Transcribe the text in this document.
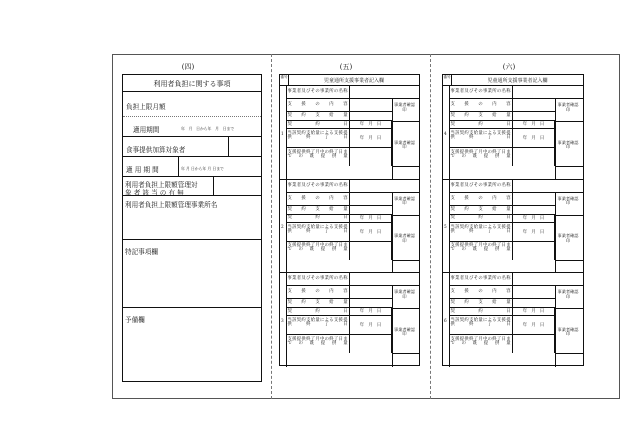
(四)
利用者負担に関する事項
負担上限月額
適用期間	年　月　日から年　月　日まで
食事提供加算対象者
適 用 期 間	年 月 日から年 月 日まで
利用者負担上限額管理対
象 者 該 当 の 有 無
利用者負担上限額管理事業所名
特記事項欄
予備欄
(五)
番号
児童通所支援事業者記入欄
1
事業者及びその事業所の名称
支援の内容
契約支給量
契約日	年　月　日
当該契約支給量による支援提供終了日	年　月　日
支援提供終了月中の終了日までの既提供量
事業者確認印
事業者確認印
2
事業者及びその事業所の名称
支援の内容
契約支給量
契約日	年　月　日
当該契約支給量による支援提供終了日	年　月　日
支援提供終了月中の終了日までの既提供量
事業者確認印
事業者確認印
3
事業者及びその事業所の名称
支援の内容
契約支給量
契約日	年　月　日
当該契約支給量による支援提供終了日	年　月　日
支援提供終了月中の終了日までの既提供量
事業者確認印
事業者確認印
(六)
番号
児童通所支援事業者記入欄
4
事業者及びその事業所の名称
支援の内容
契約支給量
契約日	年　月　日
当該契約支給量による支援提供終了日	年　月　日
支援提供終了月中の終了日までの既提供量
事業者確認印
事業者確認印
5
事業者及びその事業所の名称
支援の内容
契約支給量
契約日	年　月　日
当該契約支給量による支援提供終了日	年　月　日
支援提供終了月中の終了日までの既提供量
事業者確認印
事業者確認印
6
事業者及びその事業所の名称
支援の内容
契約支給量
契約日	年　月　日
当該契約支給量による支援提供終了日	年　月　日
支援提供終了月中の終了日までの既提供量
事業者確認印
事業者確認印
